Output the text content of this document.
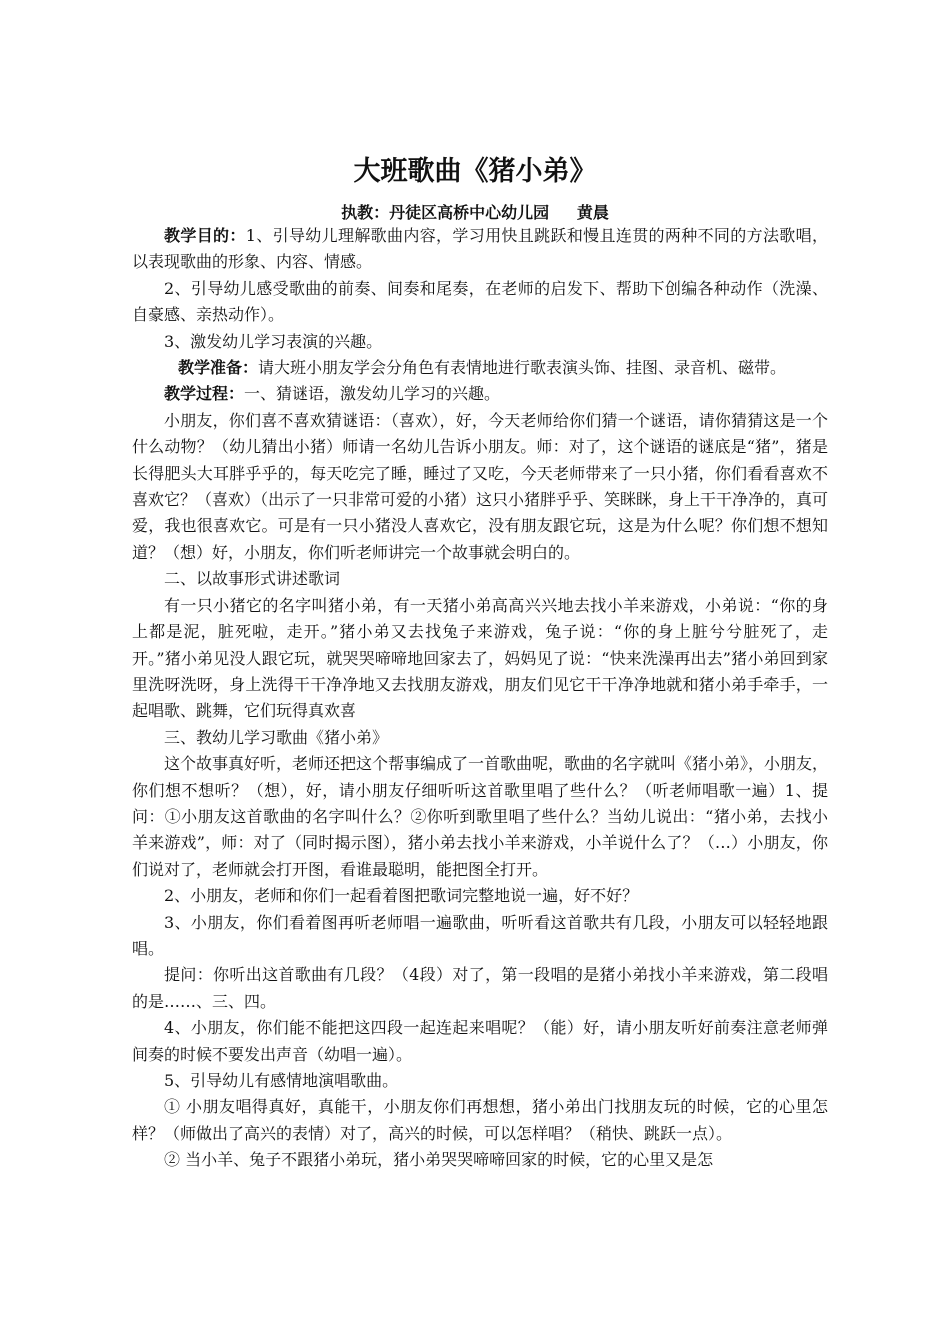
大班歌曲《猪小弟》
执教：丹徒区高桥中心幼儿园     黄晨

教学目的：1、引导幼儿理解歌曲内容，学习用快且跳跃和慢且连贯的两种不同的方法歌唱，以表现歌曲的形象、内容、情感。

2、引导幼儿感受歌曲的前奏、间奏和尾奏，在老师的启发下、帮助下创编各种动作（洗澡、自豪感、亲热动作）。

3、激发幼儿学习表演的兴趣。

教学准备：请大班小朋友学会分角色有表情地进行歌表演头饰、挂图、录音机、磁带。

教学过程：一、猜谜语，激发幼儿学习的兴趣。

小朋友，你们喜不喜欢猜谜语：（喜欢），好，今天老师给你们猜一个谜语，请你猜猜这是一个什么动物？（幼儿猜出小猪）师请一名幼儿告诉小朋友。师：对了，这个谜语的谜底是“猪”，猪是长得肥头大耳胖乎乎的，每天吃完了睡，睡过了又吃，今天老师带来了一只小猪，你们看看喜欢不喜欢它？（喜欢）（出示了一只非常可爱的小猪）这只小猪胖乎乎、笑眯眯，身上干干净净的，真可爱，我也很喜欢它。可是有一只小猪没人喜欢它，没有朋友跟它玩，这是为什么呢？你们想不想知道？（想）好，小朋友，你们听老师讲完一个故事就会明白的。

二、以故事形式讲述歌词

有一只小猪它的名字叫猪小弟，有一天猪小弟高高兴兴地去找小羊来游戏，小弟说：“你的身上都是泥，脏死啦，走开。”猪小弟又去找兔子来游戏，兔子说：“你的身上脏兮兮脏死了，走开。”猪小弟见没人跟它玩，就哭哭啼啼地回家去了，妈妈见了说：“快来洗澡再出去”猪小弟回到家里洗呀洗呀，身上洗得干干净净地又去找朋友游戏，朋友们见它干干净净地就和猪小弟手牵手，一起唱歌、跳舞，它们玩得真欢喜

三、教幼儿学习歌曲《猪小弟》

这个故事真好听，老师还把这个帮事编成了一首歌曲呢，歌曲的名字就叫《猪小弟》，小朋友，你们想不想听？（想），好，请小朋友仔细听听这首歌里唱了些什么？（听老师唱歌一遍）1、提问：①小朋友这首歌曲的名字叫什么？②你听到歌里唱了些什么？当幼儿说出：“猪小弟，去找小羊来游戏”，师：对了（同时揭示图），猪小弟去找小羊来游戏，小羊说什么了？（…）小朋友，你们说对了，老师就会打开图，看谁最聪明，能把图全打开。

2、小朋友，老师和你们一起看着图把歌词完整地说一遍，好不好？

3、小朋友，你们看着图再听老师唱一遍歌曲，听听看这首歌共有几段，小朋友可以轻轻地跟唱。

提问：你听出这首歌曲有几段？（4段）对了，第一段唱的是猪小弟找小羊来游戏，第二段唱的是……、三、四。

4、小朋友，你们能不能把这四段一起连起来唱呢？（能）好，请小朋友听好前奏注意老师弹间奏的时候不要发出声音（幼唱一遍）。

5、引导幼儿有感情地演唱歌曲。

① 小朋友唱得真好，真能干，小朋友你们再想想，猪小弟出门找朋友玩的时候，它的心里怎样？（师做出了高兴的表情）对了，高兴的时候，可以怎样唱？（稍快、跳跃一点）。

② 当小羊、兔子不跟猪小弟玩，猪小弟哭哭啼啼回家的时候，它的心里又是怎
